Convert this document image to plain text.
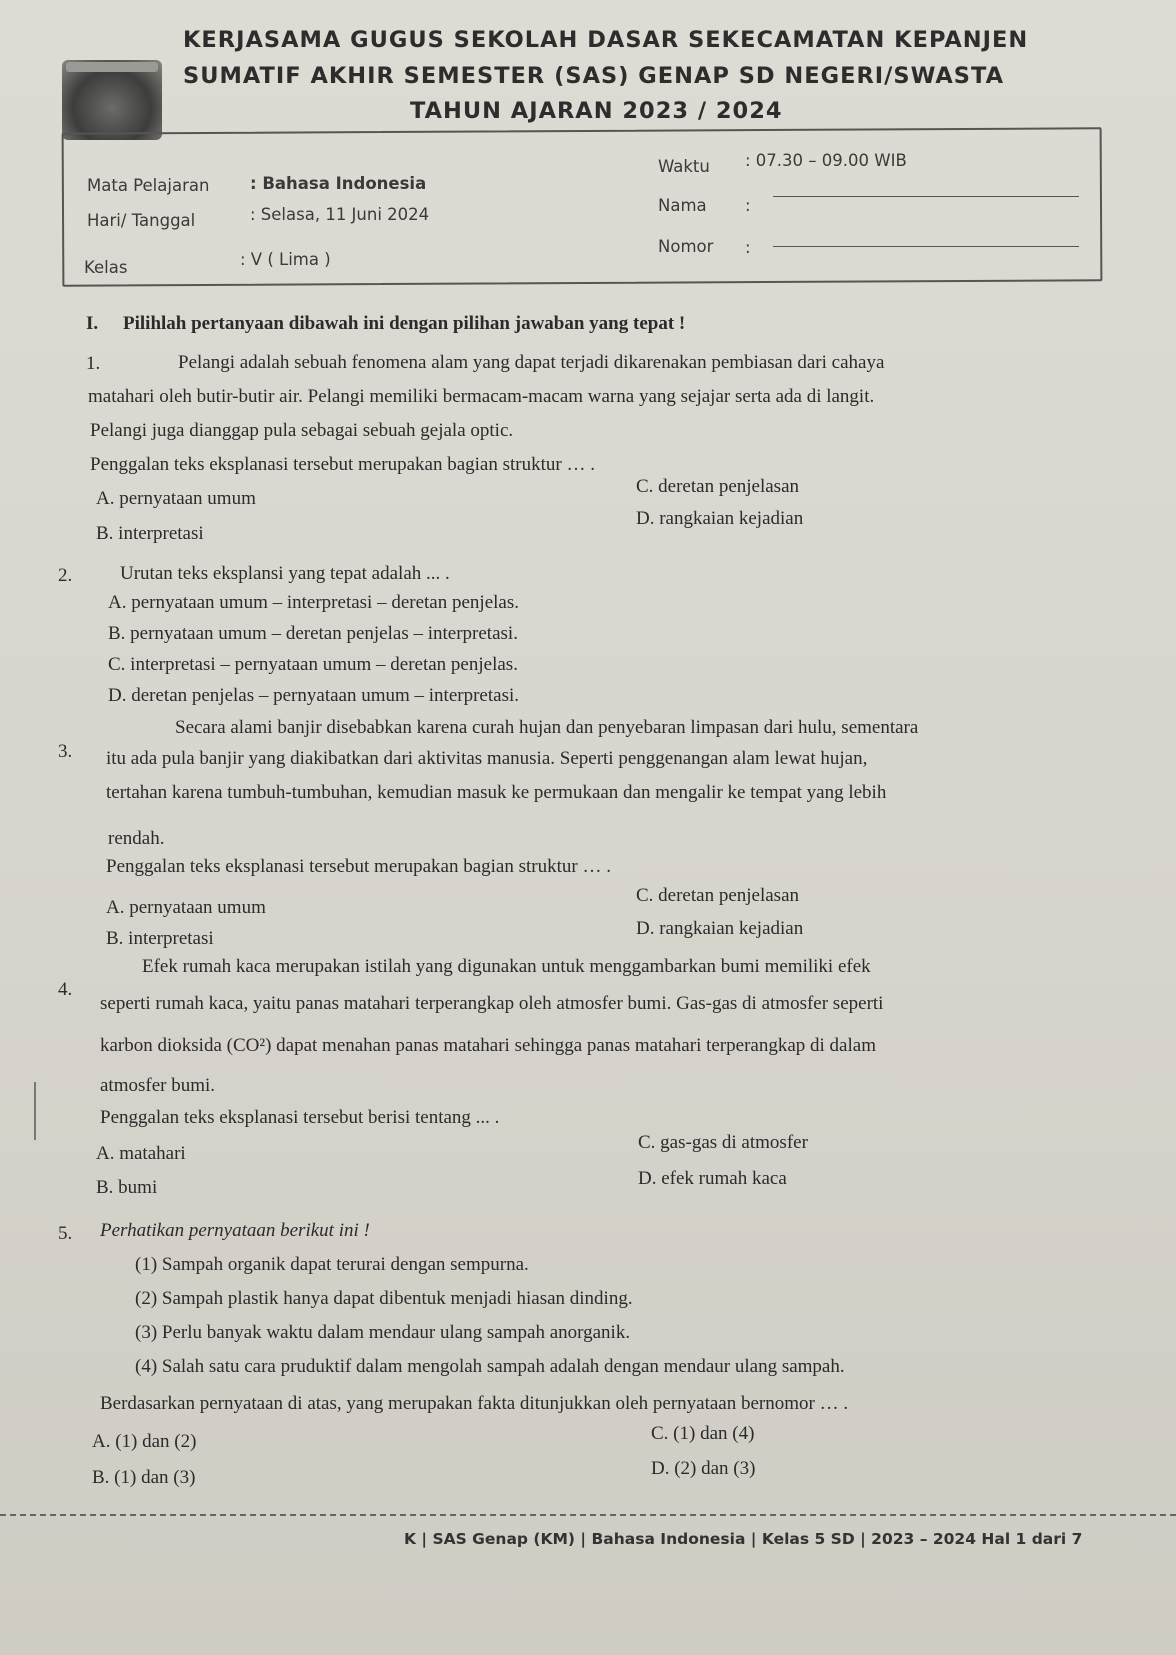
KERJASAMA GUGUS SEKOLAH DASAR SEKECAMATAN KEPANJEN
SUMATIF AKHIR SEMESTER (SAS) GENAP SD NEGERI/SWASTA
TAHUN AJARAN 2023 / 2024
Mata Pelajaran : Bahasa Indonesia
Hari/ Tanggal	: Selasa, 11 Juni 2024
Kelas	: V ( Lima )
Waktu : 07.30 – 09.00 WIB
Nama :
Nomor :
I. Pilihlah pertanyaan dibawah ini dengan pilihan jawaban yang tepat !
1.	Pelangi adalah sebuah fenomena alam yang dapat terjadi dikarenakan pembiasan dari cahaya
matahari oleh butir-butir air. Pelangi memiliki bermacam-macam warna yang sejajar serta ada di langit.
Pelangi juga dianggap pula sebagai sebuah gejala optic.
Penggalan teks eksplanasi tersebut merupakan bagian struktur … .
A. pernyataan umum
B. interpretasi
C. deretan penjelasan
D. rangkaian kejadian
2.	Urutan teks eksplansi yang tepat adalah ... .
A. pernyataan umum – interpretasi – deretan penjelas.
B. pernyataan umum – deretan penjelas – interpretasi.
C. interpretasi – pernyataan umum – deretan penjelas.
D. deretan penjelas – pernyataan umum – interpretasi.
3.
Secara alami banjir disebabkan karena curah hujan dan penyebaran limpasan dari hulu, sementara
itu ada pula banjir yang diakibatkan dari aktivitas manusia. Seperti penggenangan alam lewat hujan,
tertahan karena tumbuh-tumbuhan, kemudian masuk ke permukaan dan mengalir ke tempat yang lebih
rendah.
Penggalan teks eksplanasi tersebut merupakan bagian struktur … .
A. pernyataan umum
B. interpretasi
C. deretan penjelasan
D. rangkaian kejadian
4.
Efek rumah kaca merupakan istilah yang digunakan untuk menggambarkan bumi memiliki efek
seperti rumah kaca, yaitu panas matahari terperangkap oleh atmosfer bumi. Gas-gas di atmosfer seperti
karbon dioksida (CO²) dapat menahan panas matahari sehingga panas matahari terperangkap di dalam
atmosfer bumi.
Penggalan teks eksplanasi tersebut berisi tentang ... .
A. matahari
B. bumi
C. gas-gas di atmosfer
D. efek rumah kaca
5. Perhatikan pernyataan berikut ini !
(1) Sampah organik dapat terurai dengan sempurna.
(2) Sampah plastik hanya dapat dibentuk menjadi hiasan dinding.
(3) Perlu banyak waktu dalam mendaur ulang sampah anorganik.
(4) Salah satu cara pruduktif dalam mengolah sampah adalah dengan mendaur ulang sampah.
Berdasarkan pernyataan di atas, yang merupakan fakta ditunjukkan oleh pernyataan bernomor … .
A. (1) dan (2)
B. (1) dan (3)
C. (1) dan (4)
D. (2) dan (3)
K | SAS Genap (KM) | Bahasa Indonesia | Kelas 5 SD | 2023 – 2024 Hal 1 dari 7
